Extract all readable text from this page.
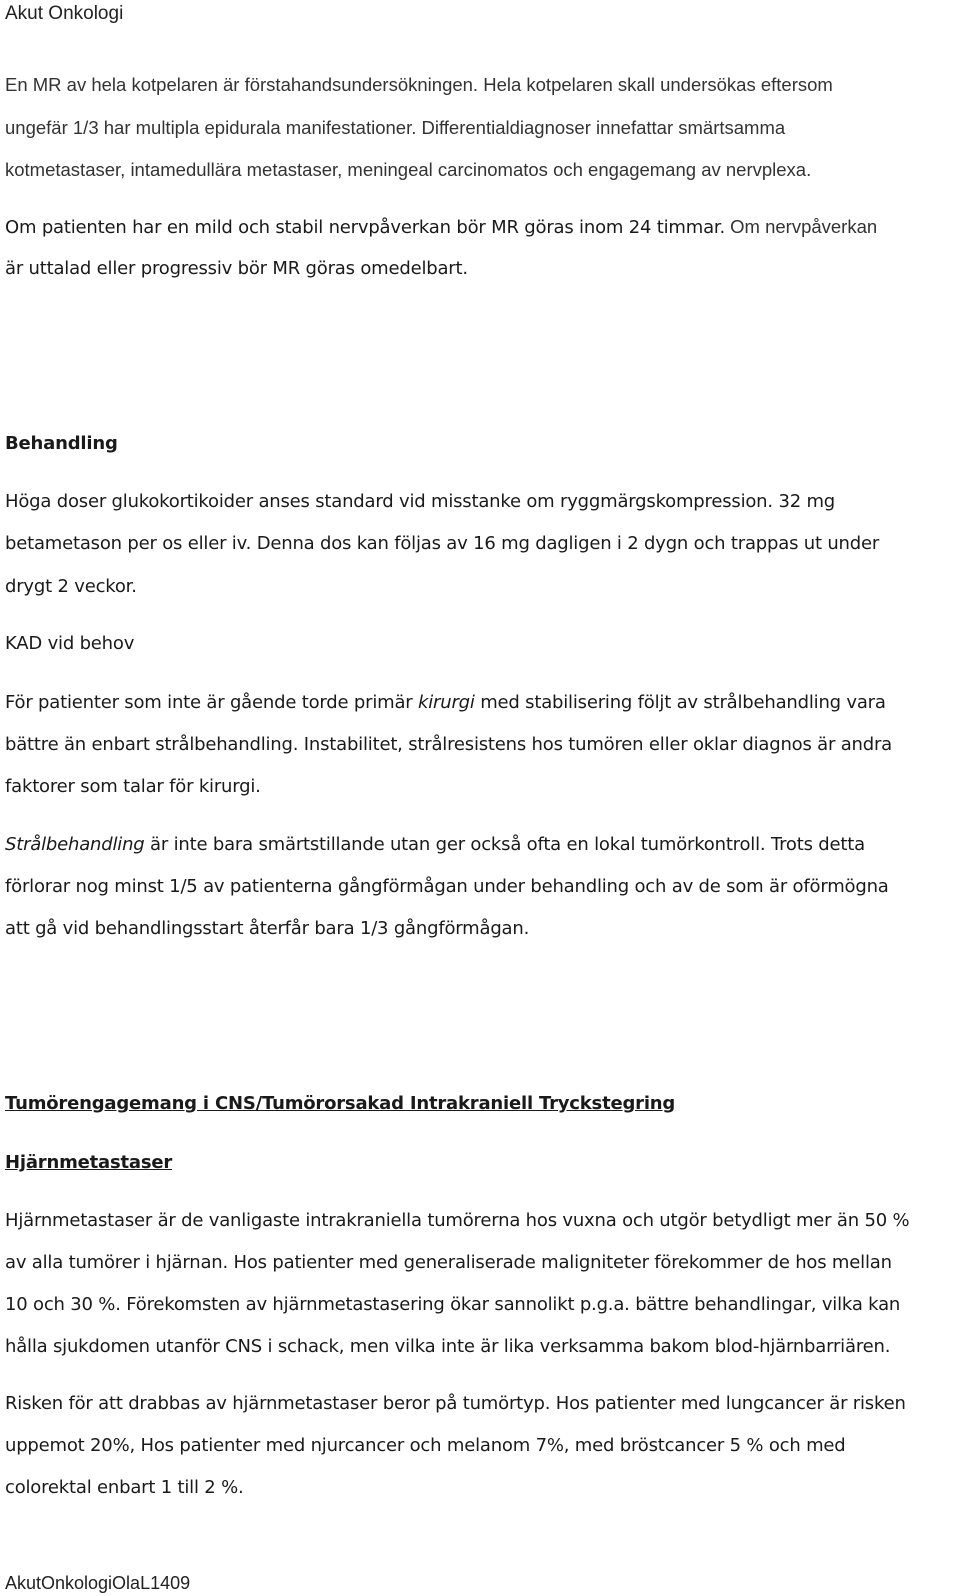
Akut Onkologi
En MR av hela kotpelaren är förstahandsundersökningen. Hela kotpelaren skall undersökas eftersom
ungefär 1/3 har multipla epidurala manifestationer. Differentialdiagnoser innefattar smärtsamma
kotmetastaser, intamedullära metastaser, meningeal carcinomatos och engagemang av nervplexa.
Om patienten har en mild och stabil nervpåverkan bör MR göras inom 24 timmar. Om nervpåverkan
är uttalad eller progressiv bör MR göras omedelbart.
Behandling
Höga doser glukokortikoider anses standard vid misstanke om ryggmärgskompression. 32 mg
betametason per os eller iv. Denna dos kan följas av 16 mg dagligen i 2 dygn och trappas ut under
drygt 2 veckor.
KAD vid behov
För patienter som inte är gående torde primär kirurgi med stabilisering följt av strålbehandling vara
bättre än enbart strålbehandling. Instabilitet, strålresistens hos tumören eller oklar diagnos är andra
faktorer som talar för kirurgi.
Strålbehandling är inte bara smärtstillande utan ger också ofta en lokal tumörkontroll. Trots detta
förlorar nog minst 1/5 av patienterna gångförmågan under behandling och av de som är oförmögna
att gå vid behandlingsstart återfår bara 1/3 gångförmågan.
Tumörengagemang i CNS/Tumörorsakad Intrakraniell Tryckstegring
Hjärnmetastaser
Hjärnmetastaser är de vanligaste intrakraniella tumörerna hos vuxna och utgör betydligt mer än 50 %
av alla tumörer i hjärnan. Hos patienter med generaliserade maligniteter förekommer de hos mellan
10 och 30 %. Förekomsten av hjärnmetastasering ökar sannolikt p.g.a. bättre behandlingar, vilka kan
hålla sjukdomen utanför CNS i schack, men vilka inte är lika verksamma bakom blod-hjärnbarriären.
Risken för att drabbas av hjärnmetastaser beror på tumörtyp. Hos patienter med lungcancer är risken
uppemot 20%, Hos patienter med njurcancer och melanom 7%, med bröstcancer 5 % och med
colorektal enbart 1 till 2 %.
AkutOnkologiOlaL1409
